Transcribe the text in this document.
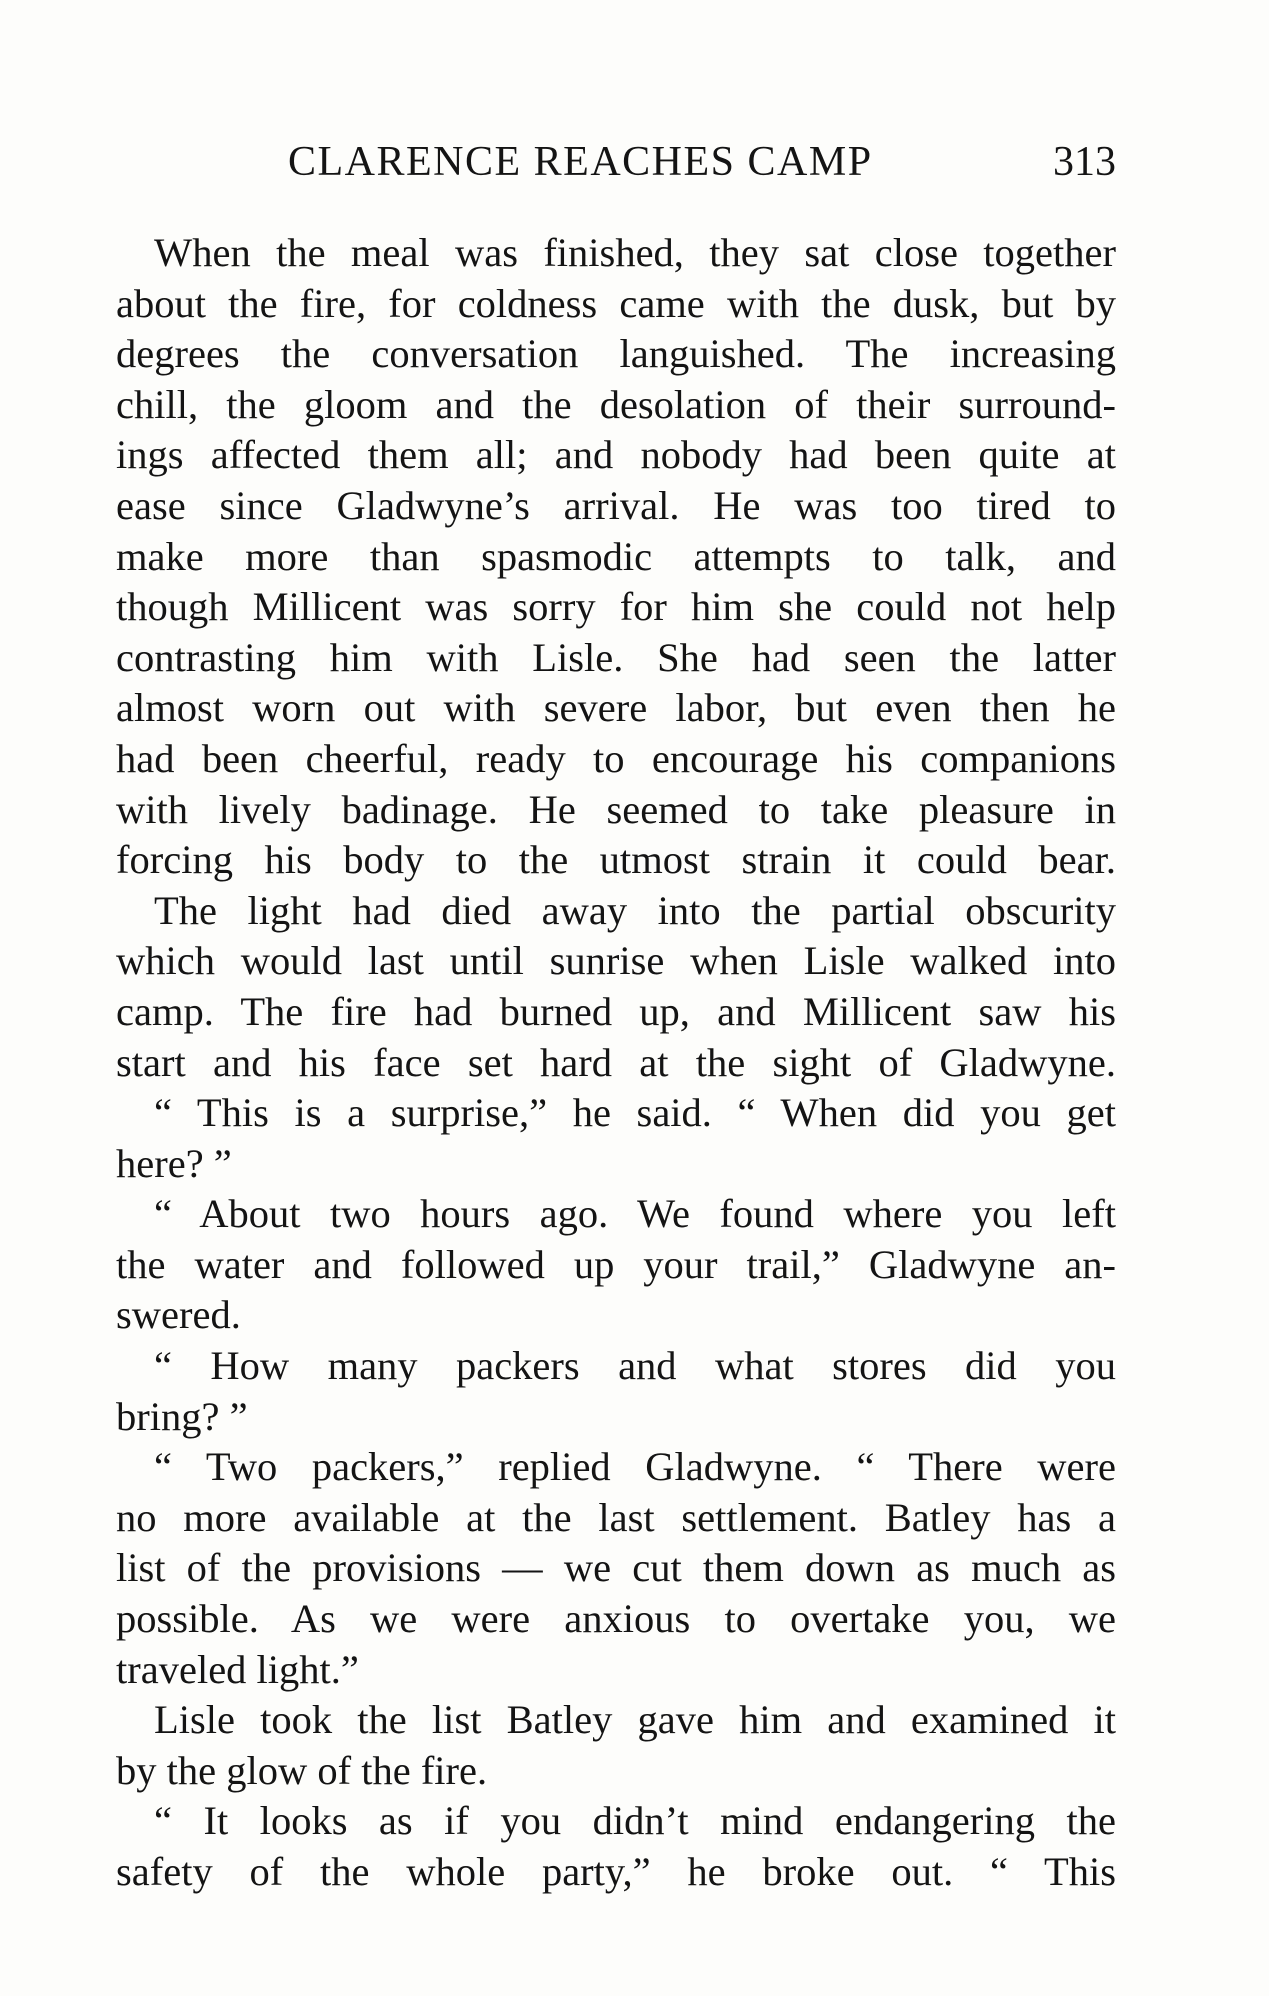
CLARENCE REACHES CAMP	313
When the meal was finished, they sat close together
about the fire, for coldness came with the dusk, but by
degrees the conversation languished. The increasing
chill, the gloom and the desolation of their surround-
ings affected them all; and nobody had been quite at
ease since Gladwyne’s arrival. He was too tired to
make more than spasmodic attempts to talk, and
though Millicent was sorry for him she could not help
contrasting him with Lisle. She had seen the latter
almost worn out with severe labor, but even then he
had been cheerful, ready to encourage his companions
with lively badinage. He seemed to take pleasure in
forcing his body to the utmost strain it could bear.
The light had died away into the partial obscurity
which would last until sunrise when Lisle walked into
camp. The fire had burned up, and Millicent saw his
start and his face set hard at the sight of Gladwyne.
“ This is a surprise,” he said. “ When did you get
here? ”
“ About two hours ago. We found where you left
the water and followed up your trail,” Gladwyne an-
swered.
“ How many packers and what stores did you
bring? ”
“ Two packers,” replied Gladwyne. “ There were
no more available at the last settlement. Batley has a
list of the provisions — we cut them down as much as
possible. As we were anxious to overtake you, we
traveled light.”
Lisle took the list Batley gave him and examined it
by the glow of the fire.
“ It looks as if you didn’t mind endangering the
safety of the whole party,” he broke out. “ This
